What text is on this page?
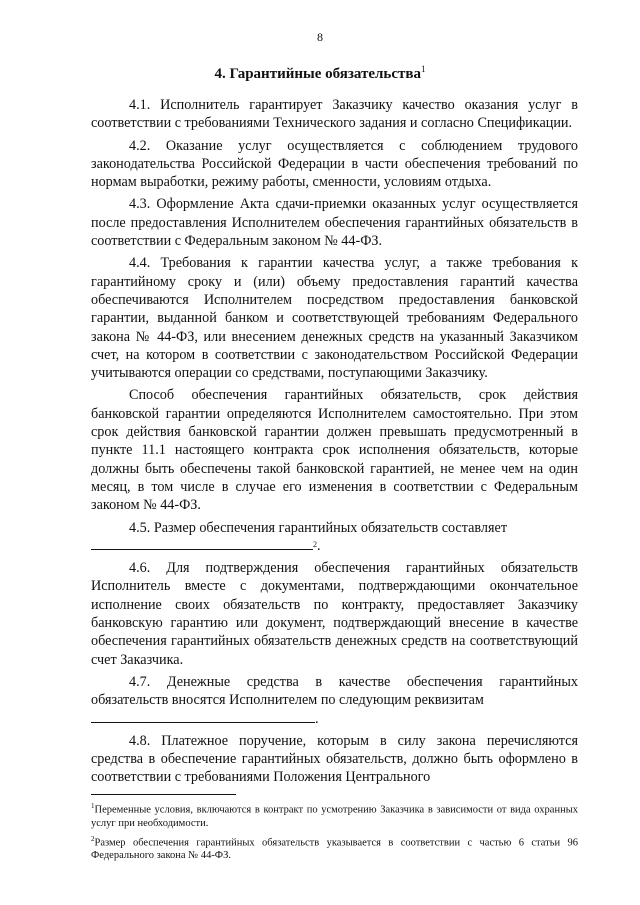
8
4. Гарантийные обязательства$^1$

4.1. Исполнитель гарантирует Заказчику качество оказания услуг в соответствии с требованиями Технического задания и согласно Спецификации.

4.2. Оказание услуг осуществляется с соблюдением трудового законодательства Российской Федерации в части обеспечения требований по нормам выработки, режиму работы, сменности, условиям отдыха.

4.3. Оформление Акта сдачи-приемки оказанных услуг осуществляется после предоставления Исполнителем обеспечения гарантийных обязательств в соответствии с Федеральным законом № 44-ФЗ.

4.4. Требования к гарантии качества услуг, а также требования к гарантийному сроку и (или) объему предоставления гарантий качества обеспечиваются Исполнителем посредством предоставления банковской гарантии, выданной банком и соответствующей требованиям Федерального закона № 44-ФЗ, или внесением денежных средств на указанный Заказчиком счет, на котором в соответствии с законодательством Российской Федерации учитываются операции со средствами, поступающими Заказчику.

Способ обеспечения гарантийных обязательств, срок действия банковской гарантии определяются Исполнителем самостоятельно. При этом срок действия банковской гарантии должен превышать предусмотренный в пункте 11.1 настоящего контракта срок исполнения обязательств, которые должны быть обеспечены такой банковской гарантией, не менее чем на один месяц, в том числе в случае его изменения в соответствии с Федеральным законом № 44-ФЗ.

4.5. Размер обеспечения гарантийных обязательств составляет
$^2$.

4.6. Для подтверждения обеспечения гарантийных обязательств Исполнитель вместе с документами, подтверждающими окончательное исполнение своих обязательств по контракту, предоставляет Заказчику банковскую гарантию или документ, подтверждающий внесение в качестве обеспечения гарантийных обязательств денежных средств на соответствующий счет Заказчика.

4.7. Денежные средства в качестве обеспечения гарантийных обязательств вносятся Исполнителем по следующим реквизитам
.

4.8. Платежное поручение, которым в силу закона перечисляются средства в обеспечение гарантийных обязательств, должно быть оформлено в соответствии с требованиями Положения Центрального

$^1$Переменные условия, включаются в контракт по усмотрению Заказчика в зависимости от вида охранных услуг при необходимости.

$^2$Размер обеспечения гарантийных обязательств указывается в соответствии с частью 6 статьи 96 Федерального закона № 44-ФЗ.
